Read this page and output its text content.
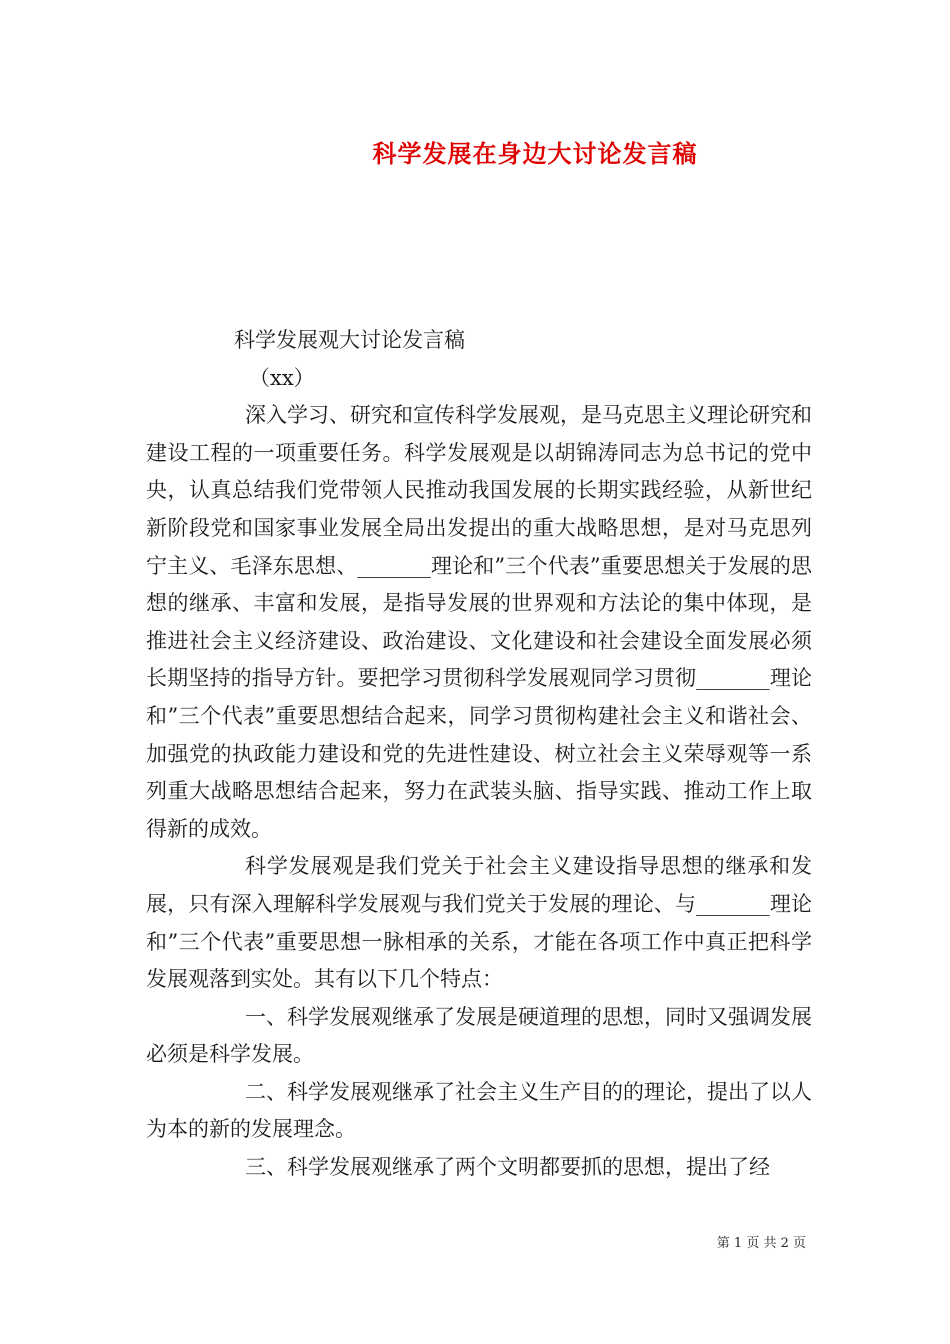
科学发展在身边大讨论发言稿
科学发展观大讨论发言稿
（xx）

深入学习、研究和宣传科学发展观，是马克思主义理论研究和建设工程的一项重要任务。科学发展观是以胡锦涛同志为总书记的党中央，认真总结我们党带领人民推动我国发展的长期实践经验，从新世纪新阶段党和国家事业发展全局出发提出的重大战略思想，是对马克思列宁主义、毛泽东思想、_______理论和”三个代表”重要思想关于发展的思想的继承、丰富和发展，是指导发展的世界观和方法论的集中体现，是推进社会主义经济建设、政治建设、文化建设和社会建设全面发展必须长期坚持的指导方针。要把学习贯彻科学发展观同学习贯彻_______理论和”三个代表”重要思想结合起来，同学习贯彻构建社会主义和谐社会、加强党的执政能力建设和党的先进性建设、树立社会主义荣辱观等一系列重大战略思想结合起来，努力在武装头脑、指导实践、推动工作上取得新的成效。

科学发展观是我们党关于社会主义建设指导思想的继承和发展，只有深入理解科学发展观与我们党关于发展的理论、与_______理论和”三个代表”重要思想一脉相承的关系，才能在各项工作中真正把科学发展观落到实处。其有以下几个特点：

一、科学发展观继承了发展是硬道理的思想，同时又强调发展必须是科学发展。

二、科学发展观继承了社会主义生产目的的理论，提出了以人为本的新的发展理念。

三、科学发展观继承了两个文明都要抓的思想，提出了经

第 1 页 共 2 页
